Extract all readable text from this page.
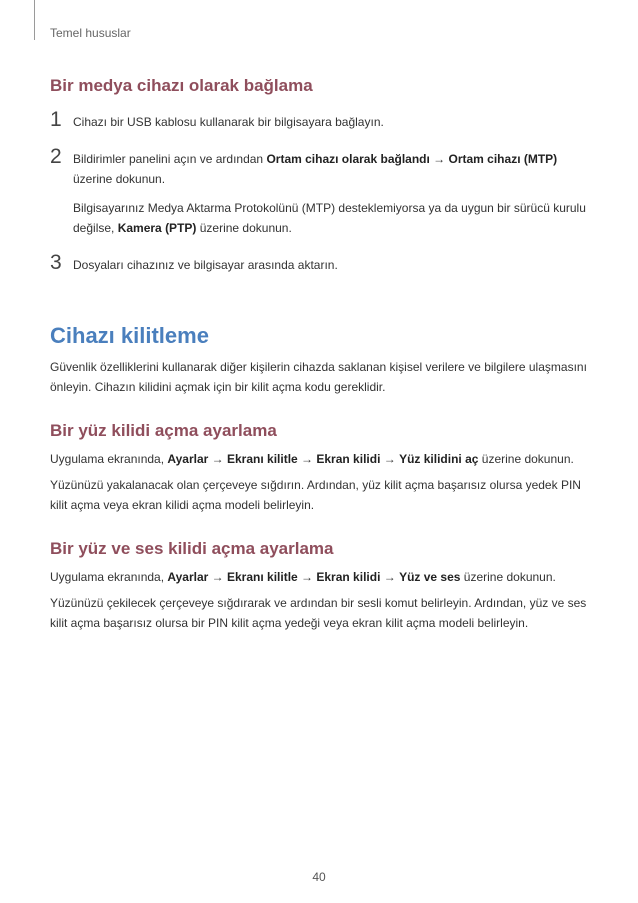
Temel hususlar
Bir medya cihazı olarak bağlama
1 Cihazı bir USB kablosu kullanarak bir bilgisayara bağlayın.
2 Bildirimler panelini açın ve ardından Ortam cihazı olarak bağlandı → Ortam cihazı (MTP) üzerine dokunun.
Bilgisayarınız Medya Aktarma Protokolünü (MTP) desteklemiyorsa ya da uygun bir sürücü kurulu değilse, Kamera (PTP) üzerine dokunun.
3 Dosyaları cihazınız ve bilgisayar arasında aktarın.
Cihazı kilitleme

Güvenlik özelliklerini kullanarak diğer kişilerin cihazda saklanan kişisel verilere ve bilgilere ulaşmasını önleyin. Cihazın kilidini açmak için bir kilit açma kodu gereklidir.

Bir yüz kilidi açma ayarlama

Uygulama ekranında, Ayarlar → Ekranı kilitle → Ekran kilidi → Yüz kilidini aç üzerine dokunun.

Yüzünüzü yakalanacak olan çerçeveye sığdırın. Ardından, yüz kilit açma başarısız olursa yedek PIN kilit açma veya ekran kilidi açma modeli belirleyin.

Bir yüz ve ses kilidi açma ayarlama

Uygulama ekranında, Ayarlar → Ekranı kilitle → Ekran kilidi → Yüz ve ses üzerine dokunun.

Yüzünüzü çekilecek çerçeveye sığdırarak ve ardından bir sesli komut belirleyin. Ardından, yüz ve ses kilit açma başarısız olursa bir PIN kilit açma yedeği veya ekran kilit açma modeli belirleyin.

40
